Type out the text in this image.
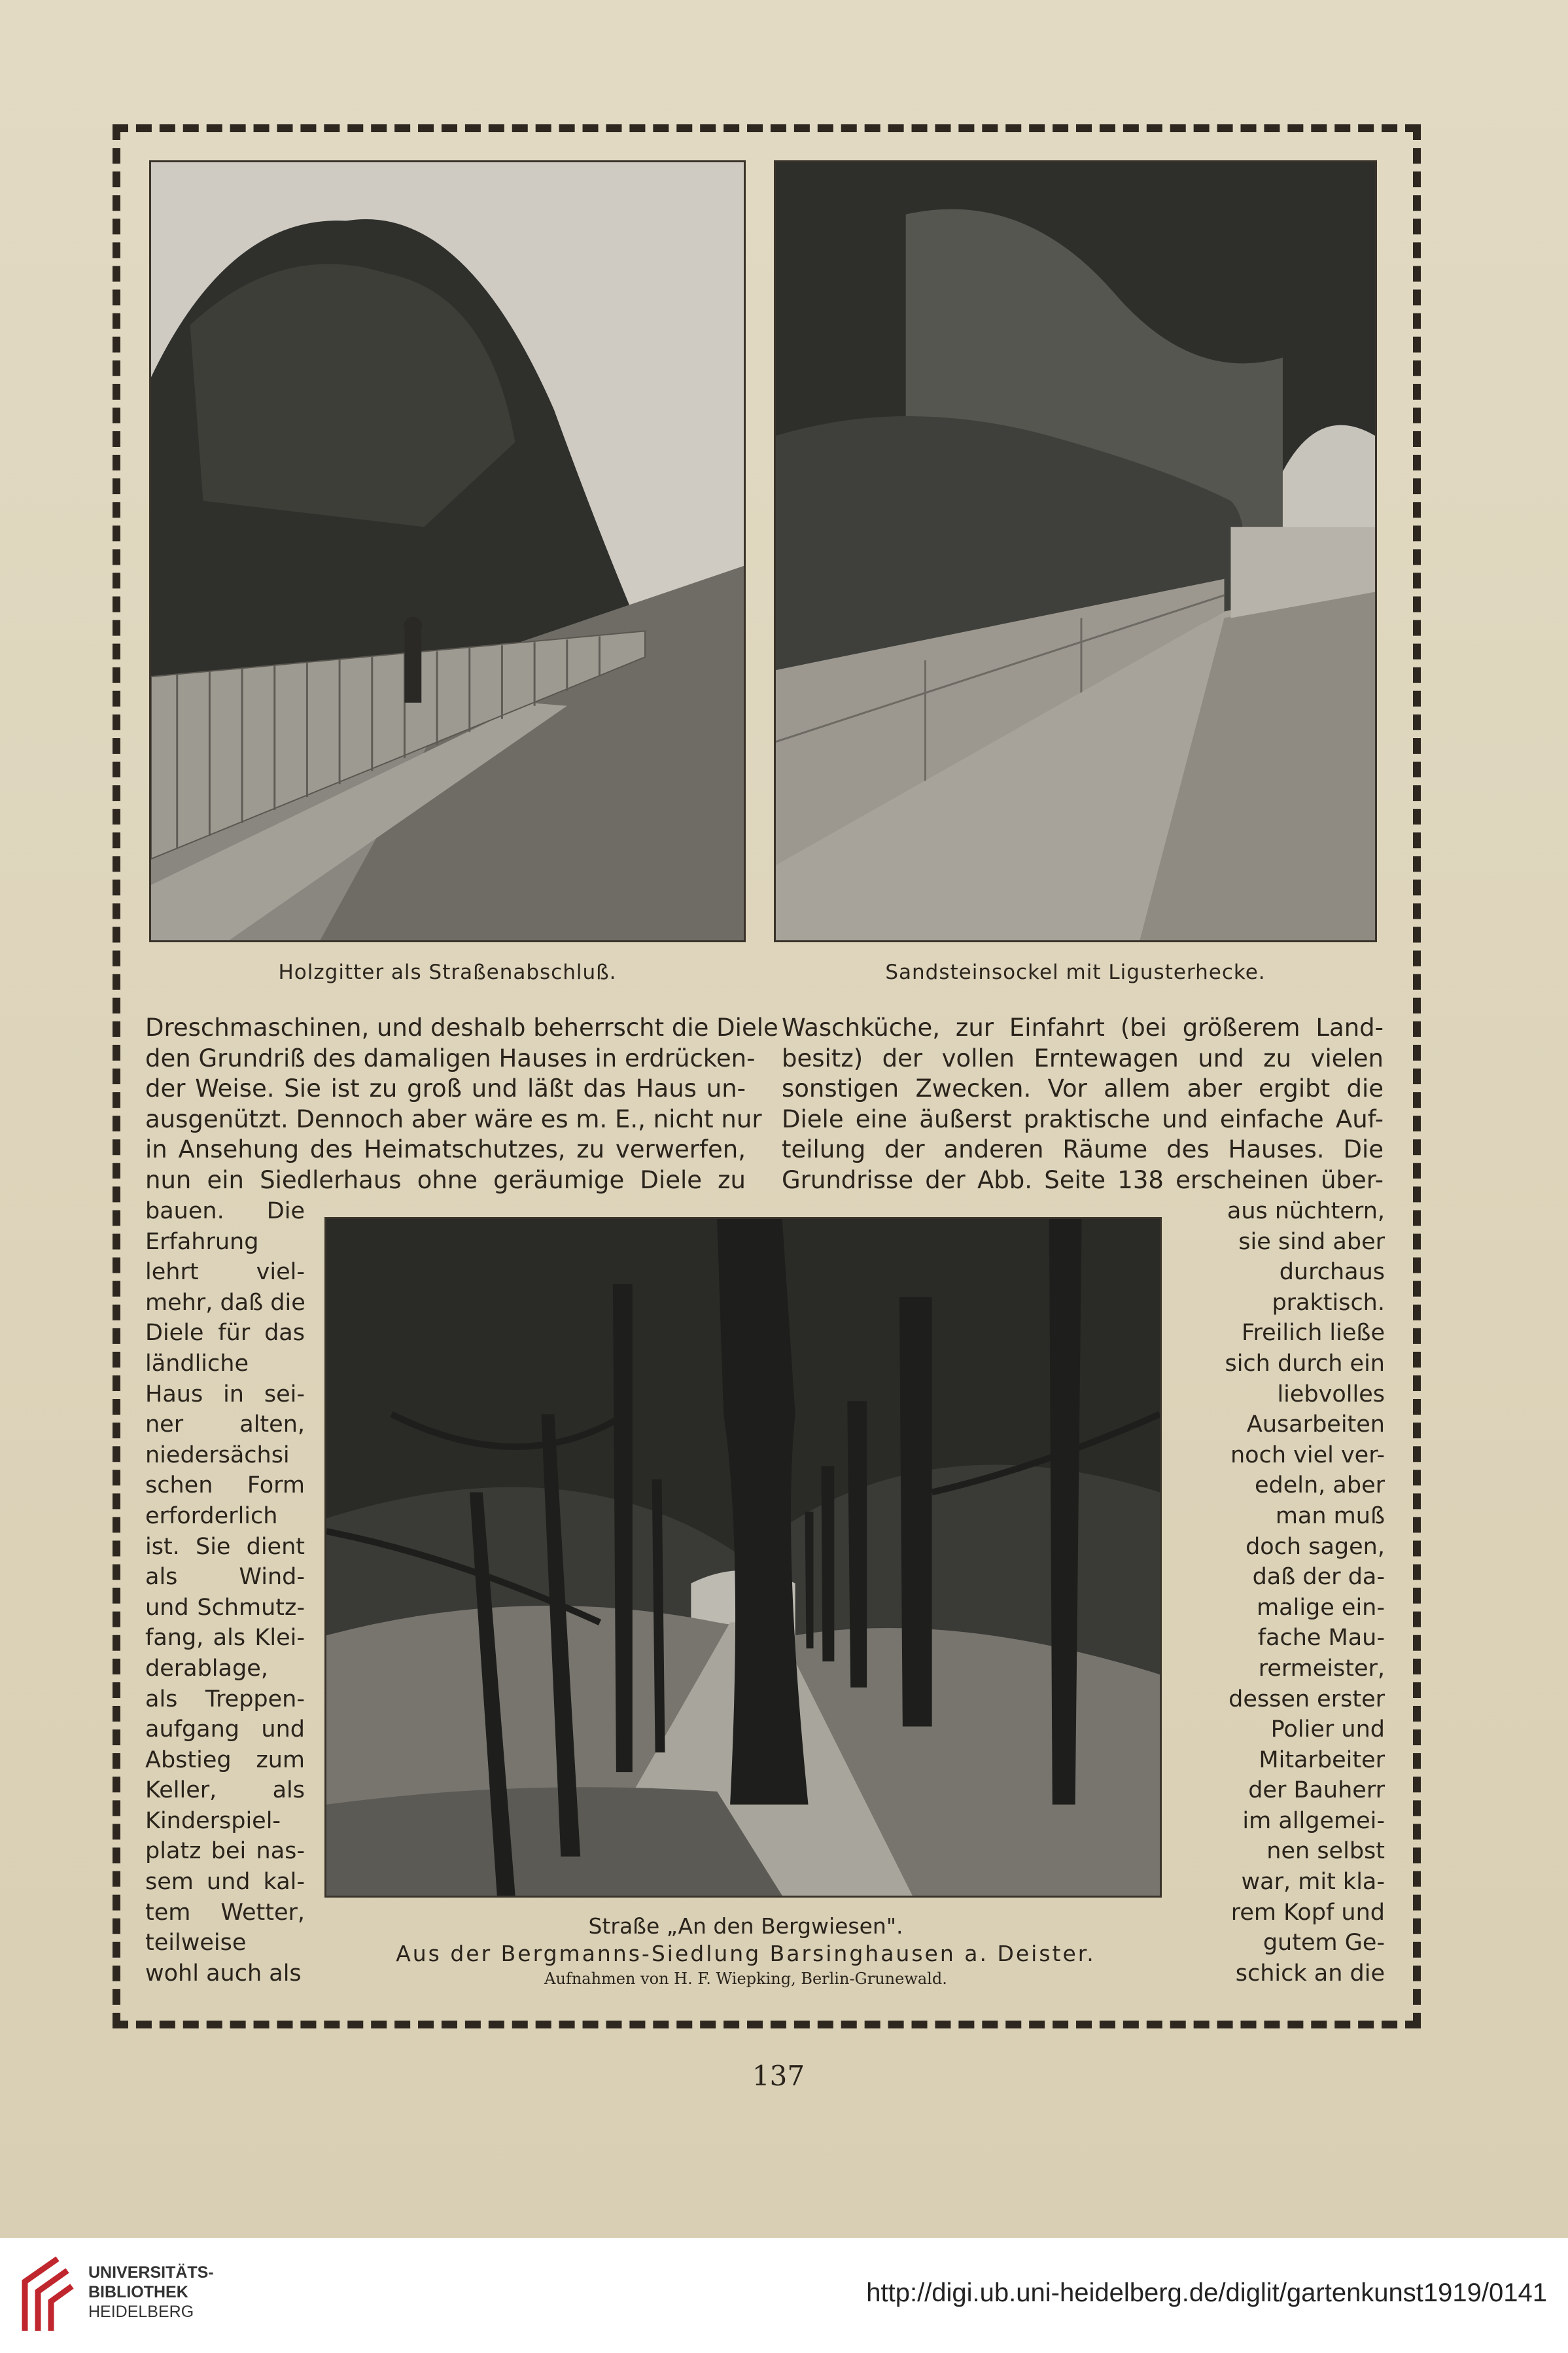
Holzgitter als Straßenabschluß.	Sandsteinsockel mit Ligusterhecke.
Dreschmaschinen, und deshalb beherrscht die Diele
den Grundriß des damaligen Hauses in erdrücken-
der Weise. Sie ist zu groß und läßt das Haus un-
ausgenützt. Dennoch aber wäre es m. E., nicht nur
in Ansehung des Heimatschutzes, zu verwerfen,
nun ein Siedlerhaus ohne geräumige Diele zu
Waschküche, zur Einfahrt (bei größerem Land-
besitz) der vollen Erntewagen und zu vielen
sonstigen Zwecken. Vor allem aber ergibt die
Diele eine äußerst praktische und einfache Auf-
teilung der anderen Räume des Hauses. Die
Grundrisse der Abb. Seite 138 erscheinen über-
bauen. Die
Erfahrung
lehrt viel-
mehr, daß die
Diele für das
ländliche
Haus in sei-
ner alten,
niedersächsi
schen Form
erforderlich
ist. Sie dient
als Wind-
und Schmutz-
fang, als Klei-
derablage,
als Treppen-
aufgang und
Abstieg zum
Keller, als
Kinderspiel-
platz bei nas-
sem und kal-
tem Wetter,
teilweise
wohl auch als
aus nüchtern,
sie sind aber
durchaus
praktisch.
Freilich ließe
sich durch ein
liebvolles
Ausarbeiten
noch viel ver-
edeln, aber
man muß
doch sagen,
daß der da-
malige ein-
fache Mau-
rermeister,
dessen erster
Polier und
Mitarbeiter
der Bauherr
im allgemei-
nen selbst
war, mit kla-
rem Kopf und
gutem Ge-
schick an die
Straße „An den Bergwiesen".
Aus der Bergmanns-Siedlung Barsinghausen a. Deister.
Aufnahmen von H. F. Wiepking, Berlin-Grunewald.
137
UNIVERSITÄTS-
BIBLIOTHEK
HEIDELBERG
http://digi.ub.uni-heidelberg.de/diglit/gartenkunst1919/0141
